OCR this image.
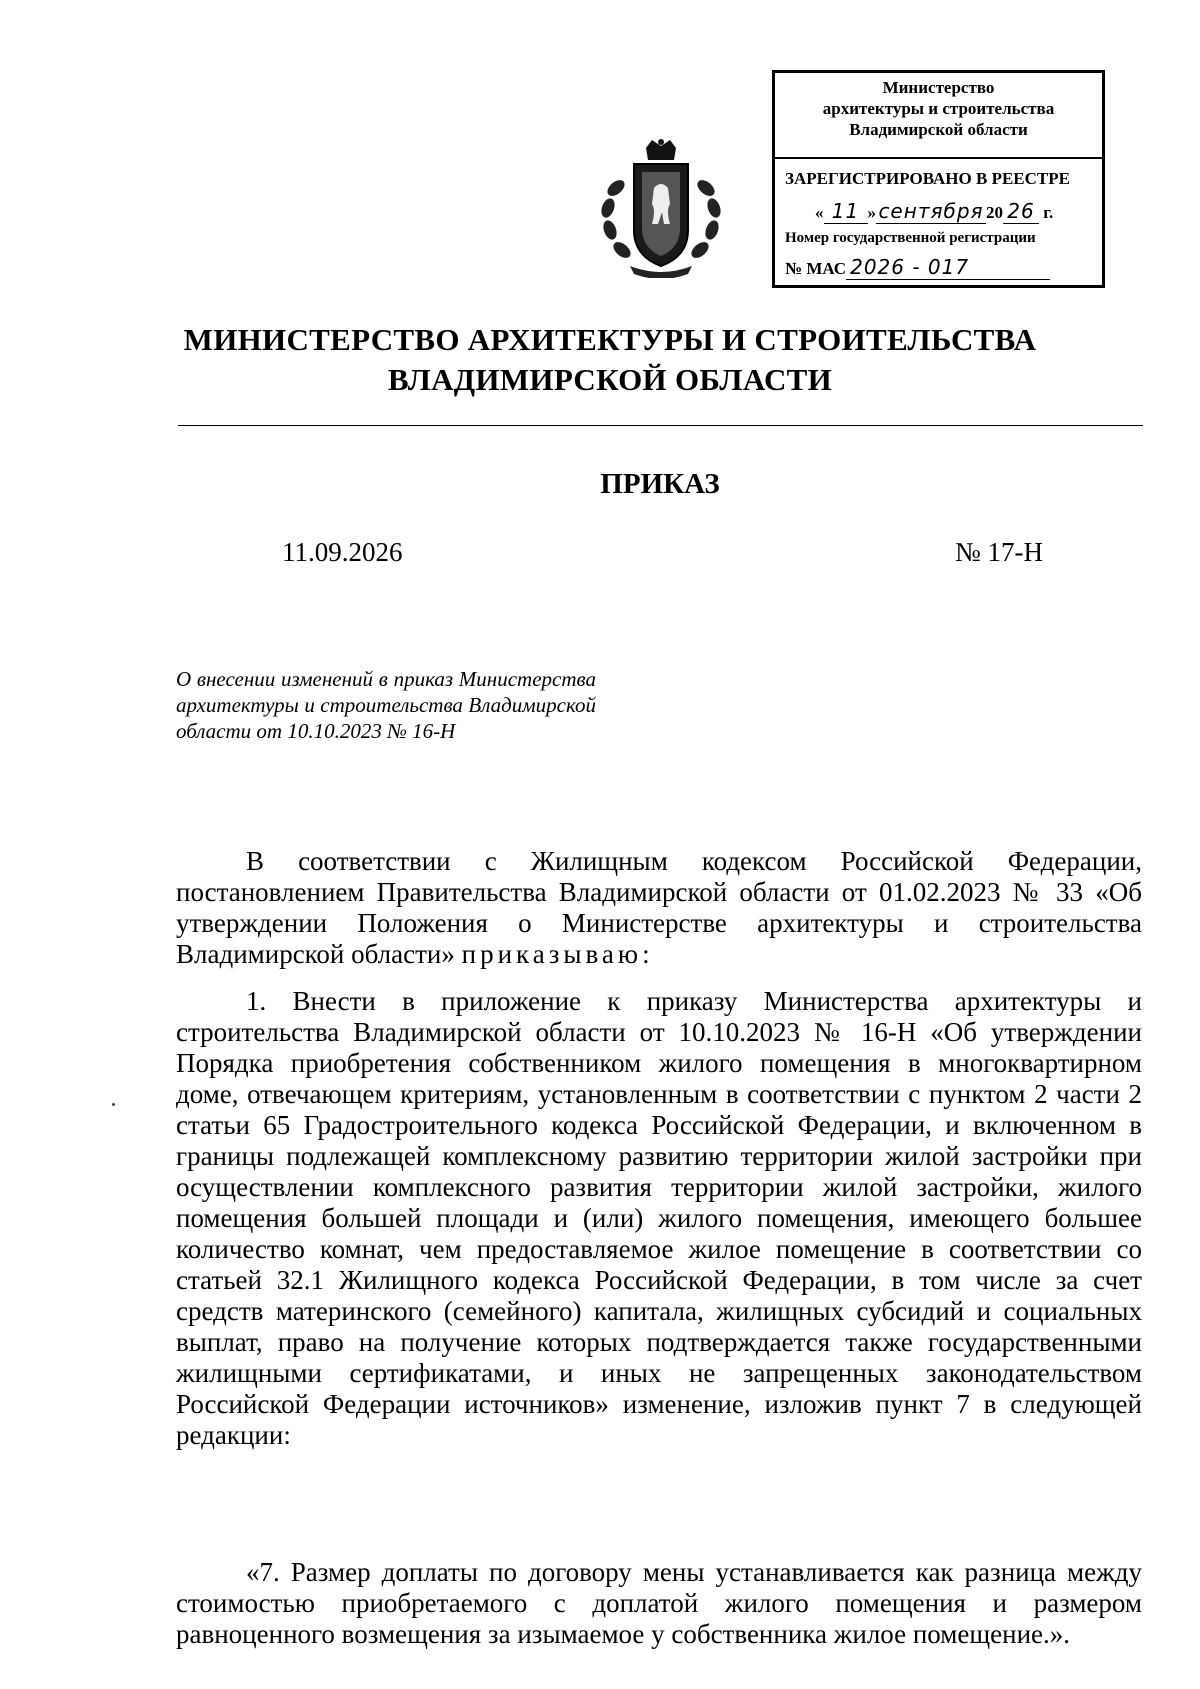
Министерство
архитектуры и строительства
Владимирской области
ЗАРЕГИСТРИРОВАНО В РЕЕСТРЕ
« 11 » сентября 20 26 г.
Номер государственной регистрации
№ МАС 2026 - 017
МИНИСТЕРСТВО АРХИТЕКТУРЫ И СТРОИТЕЛЬСТВА
ВЛАДИМИРСКОЙ ОБЛАСТИ
ПРИКАЗ
11.09.2026	№ 17-Н
О внесении изменений в приказ Министерства архитектуры и строительства Владимирской области от 10.10.2023 № 16-Н
В соответствии с Жилищным кодексом Российской Федерации, постановлением Правительства Владимирской области от 01.02.2023 № 33 «Об утверждении Положения о Министерстве архитектуры и строительства Владимирской области» приказываю:
1. Внести в приложение к приказу Министерства архитектуры и строительства Владимирской области от 10.10.2023 № 16-Н «Об утверждении Порядка приобретения собственником жилого помещения в многоквартирном доме, отвечающем критериям, установленным в соответствии с пунктом 2 части 2 статьи 65 Градостроительного кодекса Российской Федерации, и включенном в границы подлежащей комплексному развитию территории жилой застройки при осуществлении комплексного развития территории жилой застройки, жилого помещения большей площади и (или) жилого помещения, имеющего большее количество комнат, чем предоставляемое жилое помещение в соответствии со статьей 32.1 Жилищного кодекса Российской Федерации, в том числе за счет средств материнского (семейного) капитала, жилищных субсидий и социальных выплат, право на получение которых подтверждается также государственными жилищными сертификатами, и иных не запрещенных законодательством Российской Федерации источников» изменение, изложив пункт 7 в следующей редакции:
«7. Размер доплаты по договору мены устанавливается как разница между стоимостью приобретаемого с доплатой жилого помещения и размером равноценного возмещения за изымаемое у собственника жилое помещение.».
